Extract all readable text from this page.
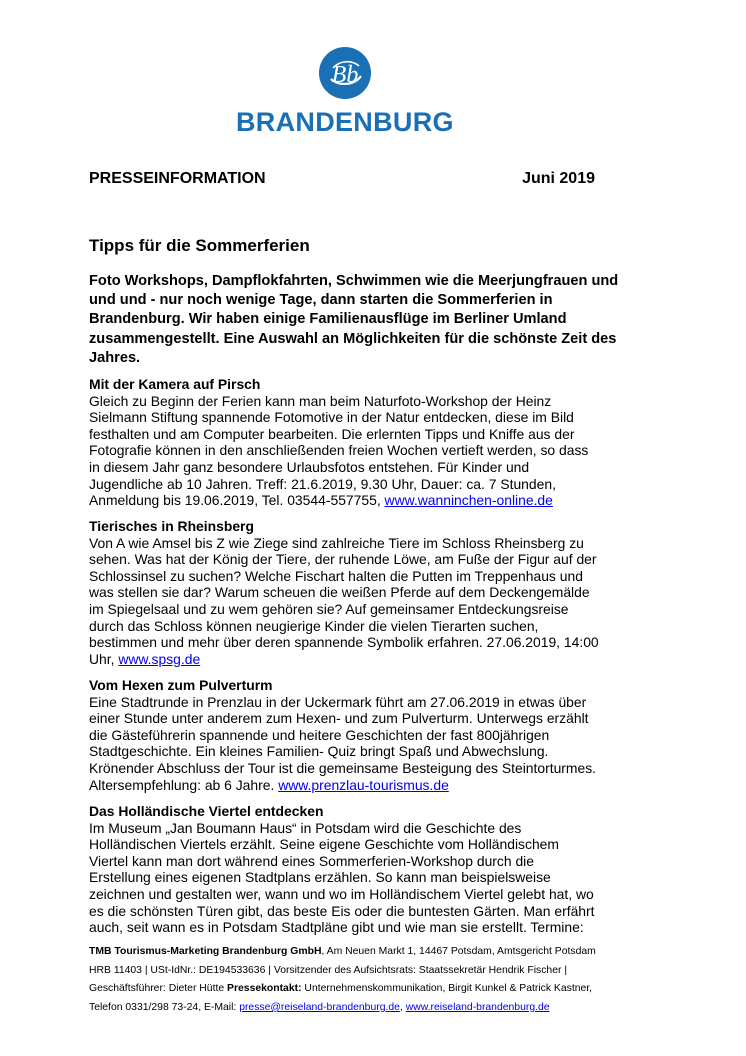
Bb
BRANDENBURG
PRESSEINFORMATION	Juni 2019
Tipps für die Sommerferien
Foto Workshops, Dampflokfahrten, Schwimmen wie die Meerjungfrauen und und und - nur noch wenige Tage, dann starten die Sommerferien in Brandenburg. Wir haben einige Familienausflüge im Berliner Umland zusammengestellt. Eine Auswahl an Möglichkeiten für die schönste Zeit des Jahres.
Mit der Kamera auf Pirsch

Gleich zu Beginn der Ferien kann man beim Naturfoto-Workshop der Heinz
Sielmann Stiftung spannende Fotomotive in der Natur entdecken, diese im Bild
festhalten und am Computer bearbeiten. Die erlernten Tipps und Kniffe aus der
Fotografie können in den anschließenden freien Wochen vertieft werden, so dass
in diesem Jahr ganz besondere Urlaubsfotos entstehen. Für Kinder und
Jugendliche ab 10 Jahren. Treff: 21.6.2019, 9.30 Uhr, Dauer: ca. 7 Stunden,
Anmeldung bis 19.06.2019, Tel. 03544-557755, www.wanninchen-online.de

Tierisches in Rheinsberg

Von A wie Amsel bis Z wie Ziege sind zahlreiche Tiere im Schloss Rheinsberg zu
sehen. Was hat der König der Tiere, der ruhende Löwe, am Fuße der Figur auf der
Schlossinsel zu suchen? Welche Fischart halten die Putten im Treppenhaus und
was stellen sie dar? Warum scheuen die weißen Pferde auf dem Deckengemälde
im Spiegelsaal und zu wem gehören sie? Auf gemeinsamer Entdeckungsreise
durch das Schloss können neugierige Kinder die vielen Tierarten suchen,
bestimmen und mehr über deren spannende Symbolik erfahren. 27.06.2019, 14:00
Uhr, www.spsg.de

Vom Hexen zum Pulverturm

Eine Stadtrunde in Prenzlau in der Uckermark führt am 27.06.2019 in etwas über
einer Stunde unter anderem zum Hexen- und zum Pulverturm. Unterwegs erzählt
die Gästeführerin spannende und heitere Geschichten der fast 800jährigen
Stadtgeschichte. Ein kleines Familien- Quiz bringt Spaß und Abwechslung.
Krönender Abschluss der Tour ist die gemeinsame Besteigung des Steintorturmes.
Altersempfehlung: ab 6 Jahre. www.prenzlau-tourismus.de

Das Holländische Viertel entdecken

Im Museum „Jan Boumann Haus“ in Potsdam wird die Geschichte des
Holländischen Viertels erzählt. Seine eigene Geschichte vom Holländischem
Viertel kann man dort während eines Sommerferien-Workshop durch die
Erstellung eines eigenen Stadtplans erzählen. So kann man beispielsweise
zeichnen und gestalten wer, wann und wo im Holländischem Viertel gelebt hat, wo
es die schönsten Türen gibt, das beste Eis oder die buntesten Gärten. Man erfährt
auch, seit wann es in Potsdam Stadtpläne gibt und wie man sie erstellt. Termine:

TMB Tourismus-Marketing Brandenburg GmbH, Am Neuen Markt 1, 14467 Potsdam, Amtsgericht Potsdam HRB 11403 | USt-IdNr.: DE194533636 | Vorsitzender des Aufsichtsrats: Staatssekretär Hendrik Fischer | Geschäftsführer: Dieter Hütte Pressekontakt: Unternehmenskommunikation, Birgit Kunkel & Patrick Kastner, Telefon 0331/298 73-24, E-Mail: presse@reiseland-brandenburg.de, www.reiseland-brandenburg.de
